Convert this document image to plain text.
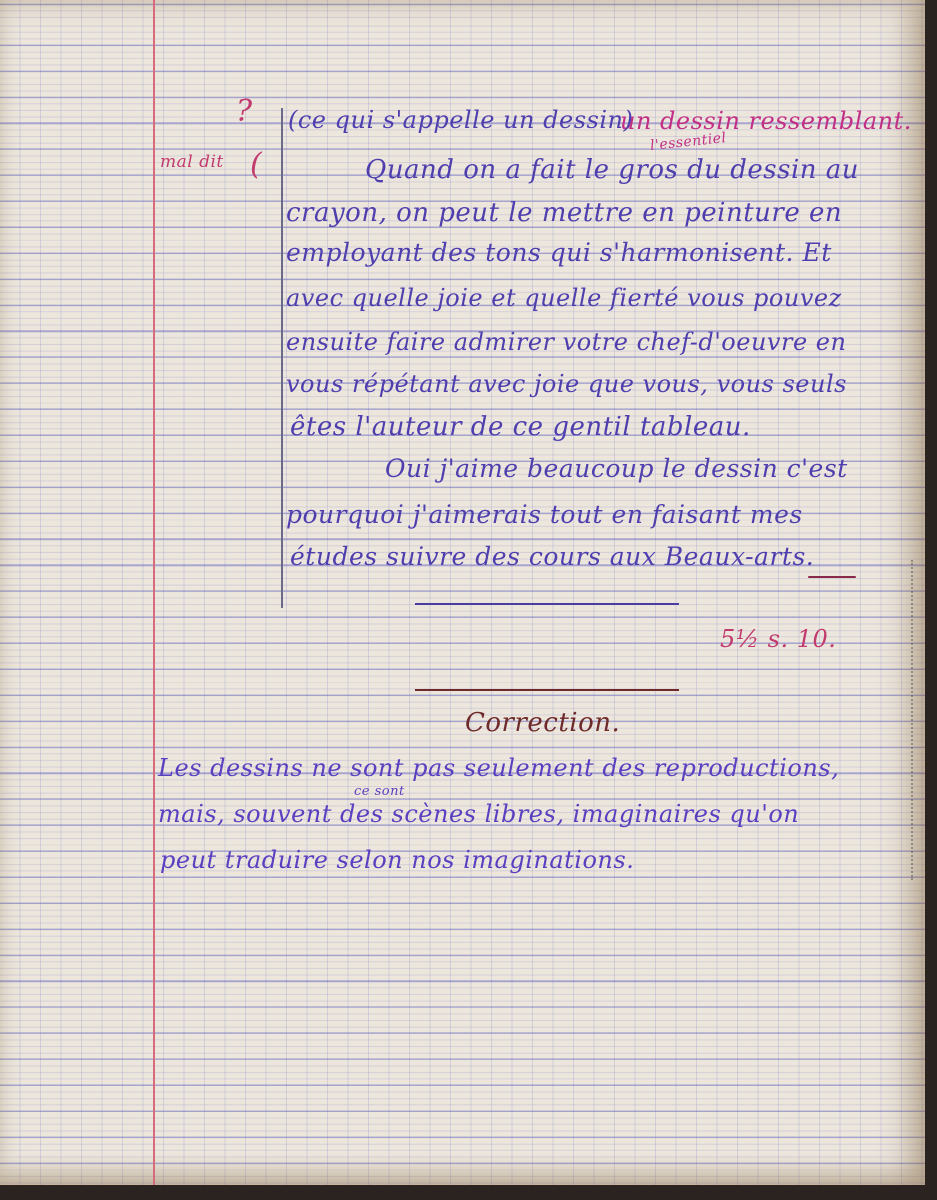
?
mal dit (
l'essentiel
un dessin ressemblant.
(ce qui s'appelle un dessin)
Quand on a fait le gros du dessin au
crayon, on peut le mettre en peinture en
employant des tons qui s'harmonisent. Et
avec quelle joie et quelle fierté vous pouvez
ensuite faire admirer votre chef-d'oeuvre en
vous répétant avec joie que vous, vous seuls
êtes l'auteur de ce gentil tableau.
Oui j'aime beaucoup le dessin c'est
pourquoi j'aimerais tout en faisant mes
études suivre des cours aux Beaux-arts.
5½ s. 10.
Correction.
Les dessins ne sont pas seulement des reproductions,
ce sont
mais, souvent des scènes libres, imaginaires qu'on
peut traduire selon nos imaginations.
